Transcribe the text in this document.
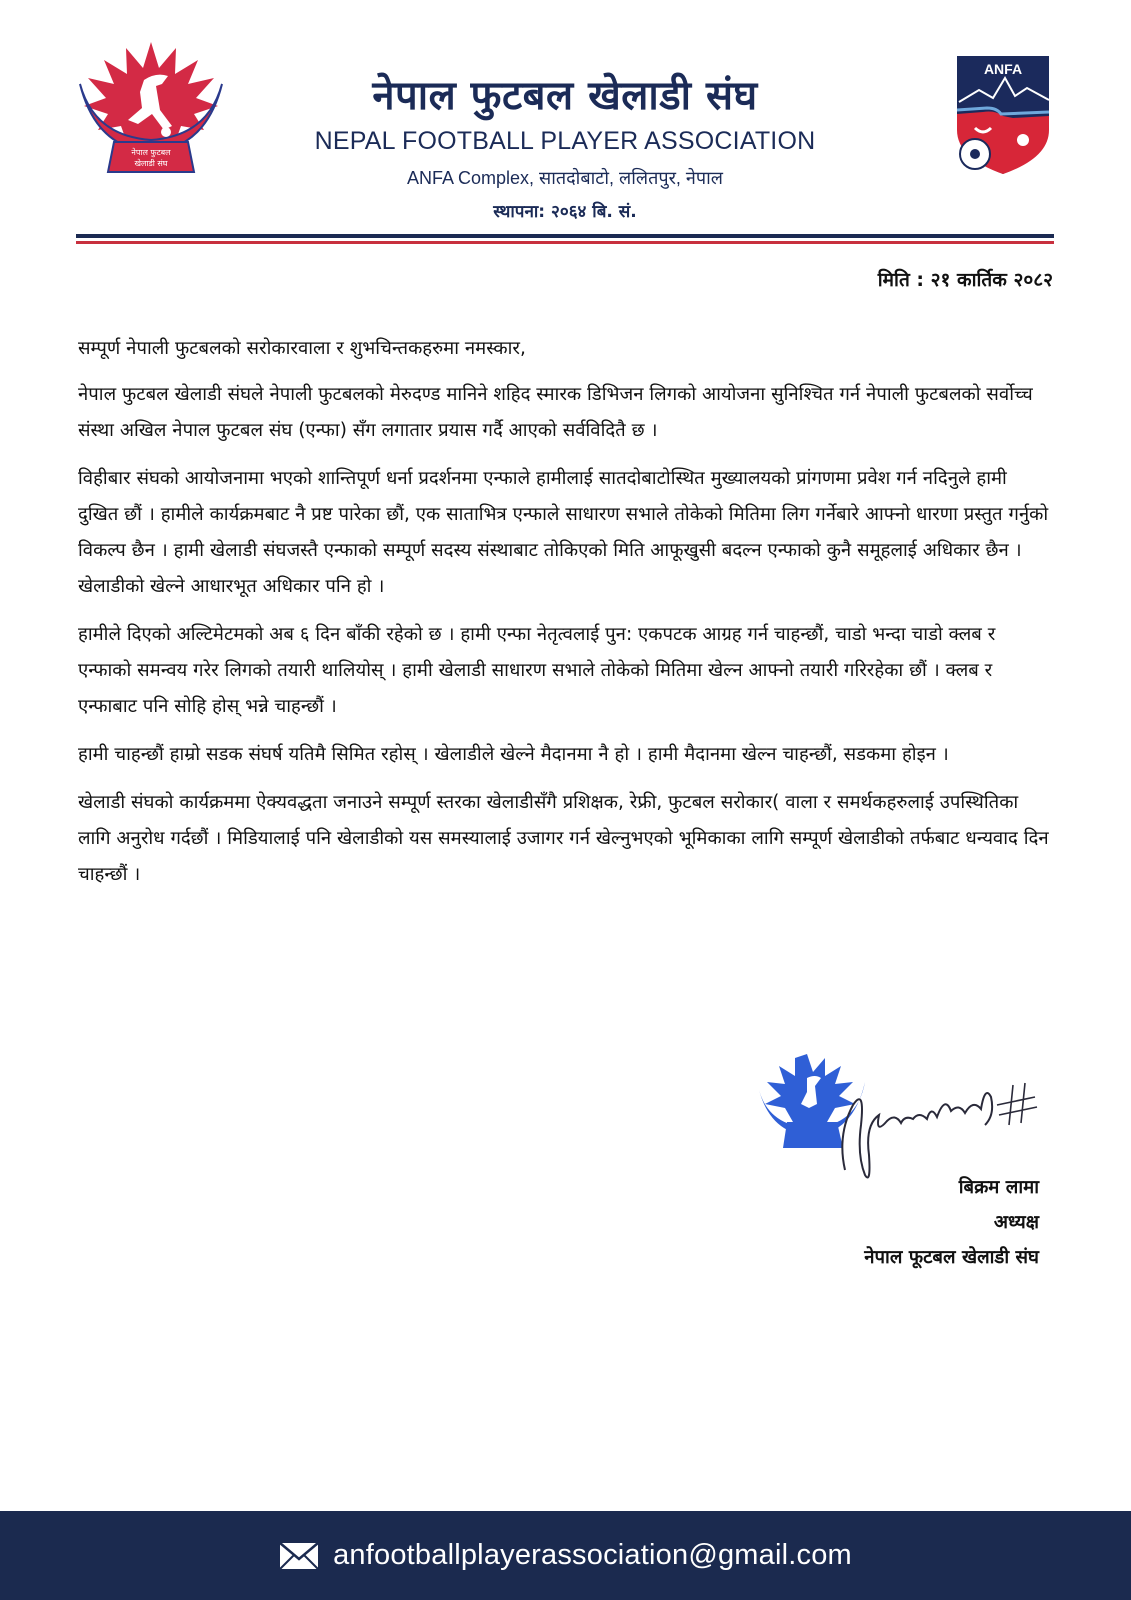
नेपाल फुटबल
खेलाडी संघ
नेपाल फुटबल खेलाडी संघ
NEPAL FOOTBALL PLAYER ASSOCIATION
ANFA Complex, सातदोबाटो, ललितपुर, नेपाल
स्थापना: २०६४ बि. सं.
ANFA
मिति : २१ कार्तिक २०८२

सम्पूर्ण नेपाली फुटबलको सरोकारवाला र शुभचिन्तकहरुमा नमस्कार,

नेपाल फुटबल खेलाडी संघले नेपाली फुटबलको मेरुदण्ड मानिने शहिद स्मारक डिभिजन लिगको आयोजना सुनिश्चित गर्न नेपाली फुटबलको सर्वोच्च संस्था अखिल नेपाल फुटबल संघ (एन्फा) सँग लगातार प्रयास गर्दै आएको सर्वविदितै छ ।

विहीबार संघको आयोजनामा भएको शान्तिपूर्ण धर्ना प्रदर्शनमा एन्फाले हामीलाई सातदोबाटोस्थित मुख्यालयको प्रांगणमा प्रवेश गर्न नदिनुले हामी दुखित छौं । हामीले कार्यक्रमबाट नै प्रष्ट पारेका छौं, एक साताभित्र एन्फाले साधारण सभाले तोकेको मितिमा लिग गर्नेबारे आफ्नो धारणा प्रस्तुत गर्नुको विकल्प छैन । हामी खेलाडी संघजस्तै एन्फाको सम्पूर्ण सदस्य संस्थाबाट तोकिएको मिति आफूखुसी बदल्न एन्फाको कुनै समूहलाई अधिकार छैन । खेलाडीको खेल्ने आधारभूत अधिकार पनि हो ।

हामीले दिएको अल्टिमेटमको अब ६ दिन बाँकी रहेको छ । हामी एन्फा नेतृत्वलाई पुन: एकपटक आग्रह गर्न चाहन्छौं, चाडो भन्दा चाडो क्लब र एन्फाको समन्वय गरेर लिगको तयारी थालियोस् । हामी खेलाडी साधारण सभाले तोकेको मितिमा खेल्न आफ्नो तयारी गरिरहेका छौं । क्लब र एन्फाबाट पनि सोहि होस् भन्ने चाहन्छौं ।

हामी चाहन्छौं हाम्रो सडक संघर्ष यतिमै सिमित रहोस् । खेलाडीले खेल्ने मैदानमा नै हो । हामी मैदानमा खेल्न चाहन्छौं, सडकमा होइन ।

खेलाडी संघको कार्यक्रममा ऐक्यवद्धता जनाउने सम्पूर्ण स्तरका खेलाडीसँगै प्रशिक्षक, रेफ्री, फुटबल सरोकार( वाला र समर्थकहरुलाई उपस्थितिका लागि अनुरोध गर्दछौं । मिडियालाई पनि खेलाडीको यस समस्यालाई उजागर गर्न खेल्नुभएको भूमिकाका लागि सम्पूर्ण खेलाडीको तर्फबाट धन्यवाद दिन चाहन्छौं ।

बिक्रम लामा
अध्यक्ष
नेपाल फूटबल खेलाडी संघ
anfootballplayerassociation@gmail.com
